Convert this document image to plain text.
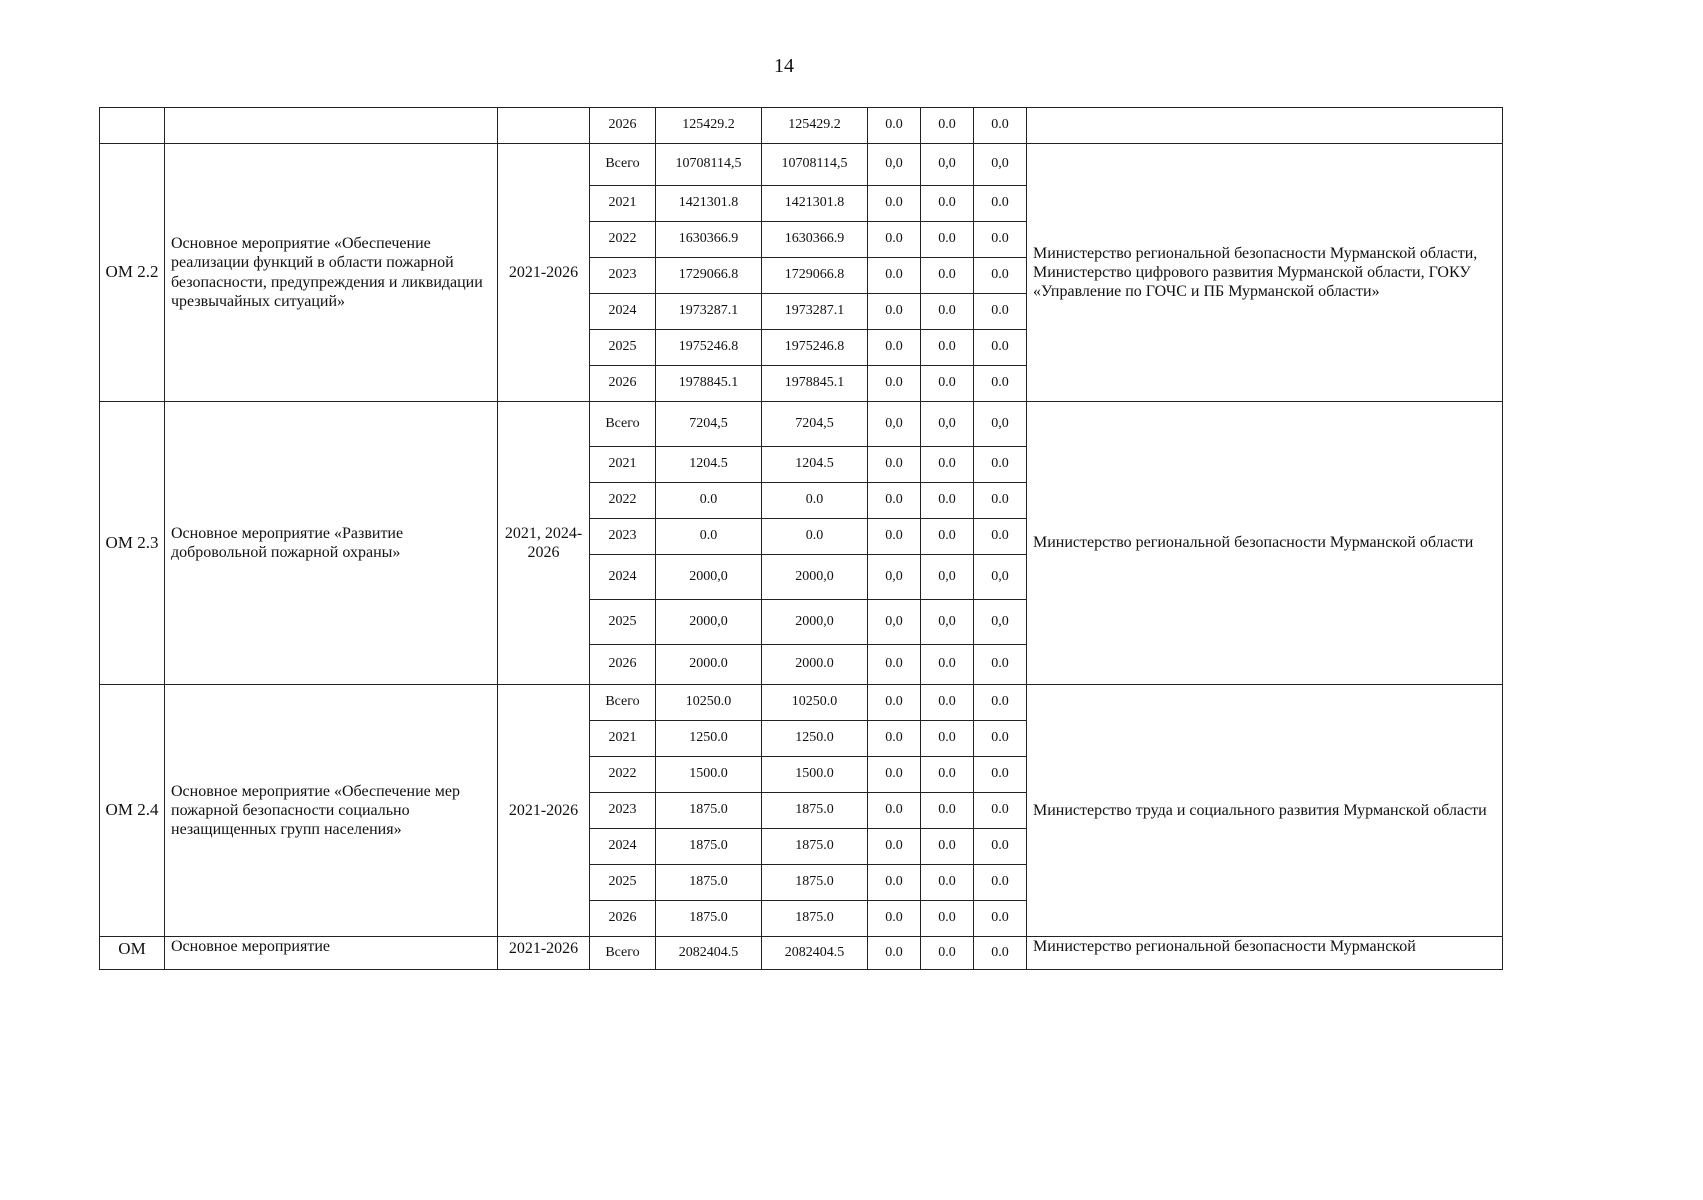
14
			2026	125429.2	125429.2	0.0	0.0	0.0	
ОМ 2.2	Основное мероприятие «Обеспечение реализации функций в области пожарной безопасности, предупреждения и ликвидации чрезвычайных ситуаций»	2021-2026	Всего	10708114,5	10708114,5	0,0	0,0	0,0	Министерство региональной безопасности Мурманской области, Министерство цифрового развития Мурманской области, ГОКУ «Управление по ГОЧС и ПБ Мурманской области»
			2021	1421301.8	1421301.8	0.0	0.0	0.0	
			2022	1630366.9	1630366.9	0.0	0.0	0.0	
			2023	1729066.8	1729066.8	0.0	0.0	0.0	
			2024	1973287.1	1973287.1	0.0	0.0	0.0	
			2025	1975246.8	1975246.8	0.0	0.0	0.0	
			2026	1978845.1	1978845.1	0.0	0.0	0.0	
ОМ 2.3	Основное мероприятие «Развитие добровольной пожарной охраны»	2021, 2024-2026	Всего	7204,5	7204,5	0,0	0,0	0,0	Министерство региональной безопасности Мурманской области
			2021	1204.5	1204.5	0.0	0.0	0.0	
			2022	0.0	0.0	0.0	0.0	0.0	
			2023	0.0	0.0	0.0	0.0	0.0	
			2024	2000,0	2000,0	0,0	0,0	0,0	
			2025	2000,0	2000,0	0,0	0,0	0,0	
			2026	2000.0	2000.0	0.0	0.0	0.0	
ОМ 2.4	Основное мероприятие «Обеспечение мер пожарной безопасности социально незащищенных групп населения»	2021-2026	Всего	10250.0	10250.0	0.0	0.0	0.0	Министерство труда и социального развития Мурманской области
			2021	1250.0	1250.0	0.0	0.0	0.0	
			2022	1500.0	1500.0	0.0	0.0	0.0	
			2023	1875.0	1875.0	0.0	0.0	0.0	
			2024	1875.0	1875.0	0.0	0.0	0.0	
			2025	1875.0	1875.0	0.0	0.0	0.0	
			2026	1875.0	1875.0	0.0	0.0	0.0	
ОМ	Основное мероприятие	2021-2026	Всего	2082404.5	2082404.5	0.0	0.0	0.0	Министерство региональной безопасности Мурманской
